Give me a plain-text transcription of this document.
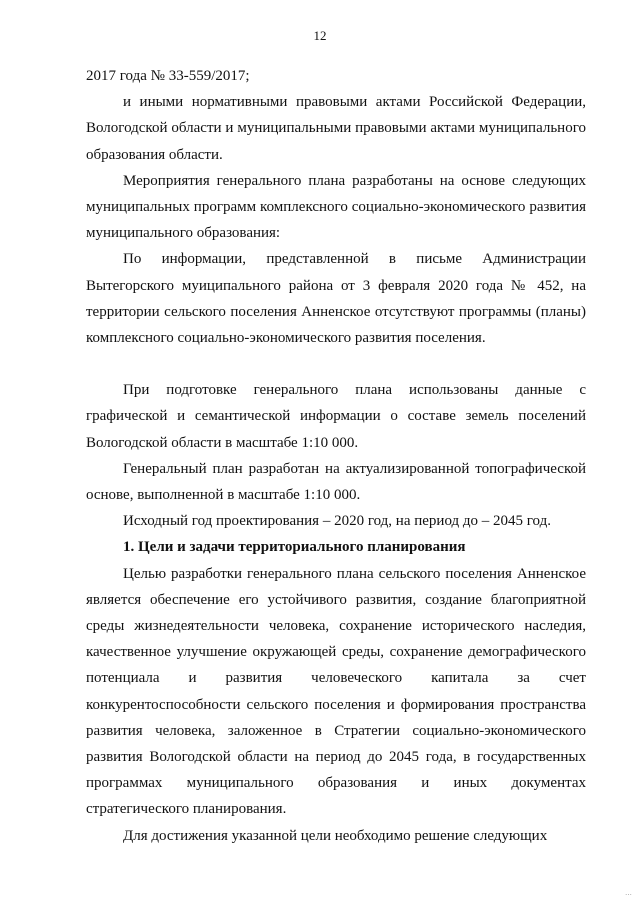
12

2017 года № 33-559/2017;

и иными нормативными правовыми актами Российской Федерации, Вологодской области и муниципальными правовыми актами муниципального образования области.

Мероприятия генерального плана разработаны на основе следующих муниципальных программ комплексного социально-экономического развития муниципального образования:

По информации, представленной в письме Администрации Вытегорского муиципального района от 3 февраля 2020 года № 452, на территории сельского поселения Анненское отсутствуют программы (планы) комплексного социально-экономического развития поселения.

При подготовке генерального плана использованы данные с графической и семантической информации о составе земель поселений Вологодской области в масштабе 1:10 000.

Генеральный план разработан на актуализированной топографической основе, выполненной в масштабе 1:10 000.

Исходный год проектирования – 2020 год, на период до – 2045 год.

1. Цели и задачи территориального планирования

Целью разработки генерального плана сельского поселения Анненское является обеспечение его устойчивого развития, создание благоприятной среды жизнедеятельности человека, сохранение исторического наследия, качественное улучшение окружающей среды, сохранение демографического потенциала и развития человеческого капитала за счет конкурентоспособности сельского поселения и формирования пространства развития человека, заложенное в Стратегии социально-экономического развития Вологодской области на период до 2045 года, в государственных программах муниципального образования и иных документах стратегического планирования.

Для достижения указанной цели необходимо решение следующих

···
